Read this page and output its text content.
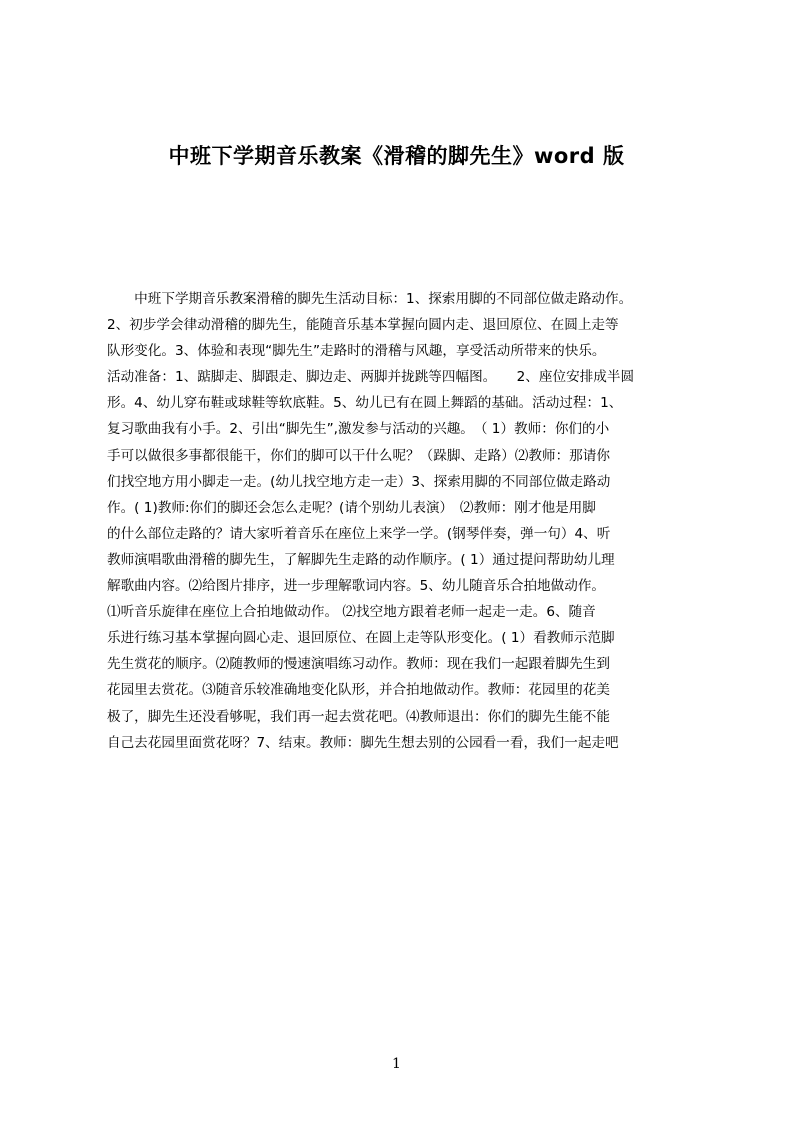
中班下学期音乐教案《滑稽的脚先生》word 版
　　中班下学期音乐教案滑稽的脚先生活动目标：1、探索用脚的不同部位做走路动作。
2、初步学会律动滑稽的脚先生，能随音乐基本掌握向圆内走、退回原位、在圆上走等
队形变化。3、体验和表现“脚先生”走路时的滑稽与风趣，享受活动所带来的快乐。
活动准备：1、踮脚走、脚跟走、脚边走、两脚并拢跳等四幅图。　　2、座位安排成半圆
形。4、幼儿穿布鞋或球鞋等软底鞋。5、幼儿已有在圆上舞蹈的基础。活动过程：1、
复习歌曲我有小手。2、引出“脚先生”,激发参与活动的兴趣。　（ 1）教师：你们的小
手可以做很多事都很能干，你们的脚可以干什么呢？（跺脚、走路）⑵教师：那请你
们找空地方用小脚走一走。(幼儿找空地方走一走）3、探索用脚的不同部位做走路动
作。( 1)教师:你们的脚还会怎么走呢？(请个别幼儿表演）　⑵教师：刚才他是用脚
的什么部位走路的？请大家听着音乐在座位上来学一学。(钢琴伴奏，弹一句）4、听
教师演唱歌曲滑稽的脚先生，了解脚先生走路的动作顺序。( 1）通过提问帮助幼儿理
解歌曲内容。⑵给图片排序，进一步理解歌词内容。5、幼儿随音乐合拍地做动作。
⑴听音乐旋律在座位上合拍地做动作。 ⑵找空地方跟着老师一起走一走。6、随音
乐进行练习基本掌握向圆心走、退回原位、在圆上走等队形变化。( 1）看教师示范脚
先生赏花的顺序。⑵随教师的慢速演唱练习动作。教师：现在我们一起跟着脚先生到
花园里去赏花。⑶随音乐较准确地变化队形，并合拍地做动作。教师：花园里的花美
极了，脚先生还没看够呢，我们再一起去赏花吧。⑷教师退出：你们的脚先生能不能
自己去花园里面赏花呀？7、结束。教师：脚先生想去别的公园看一看，我们一起走吧
1
